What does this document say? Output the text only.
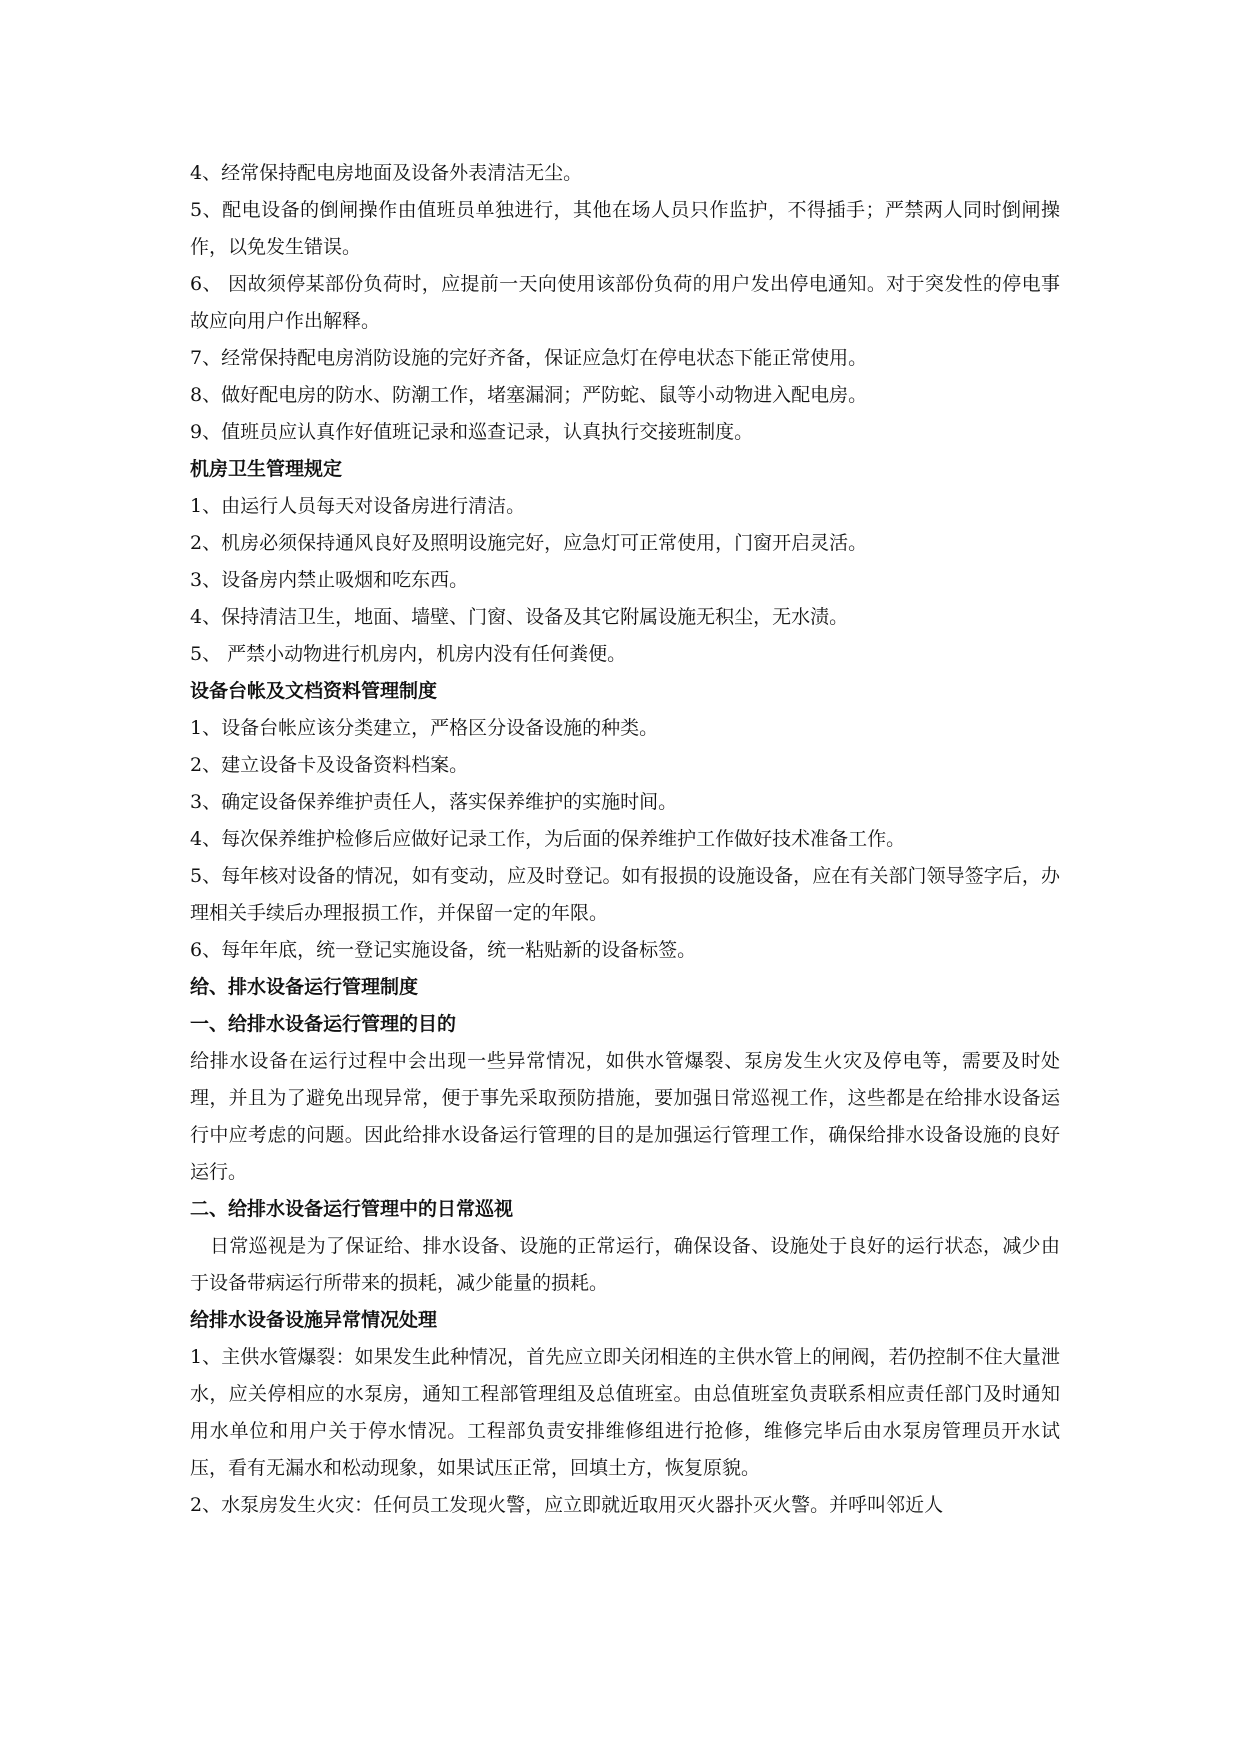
4、经常保持配电房地面及设备外表清洁无尘。

5、配电设备的倒闸操作由值班员单独进行，其他在场人员只作监护，不得插手；严禁两人同时倒闸操作，以免发生错误。

6、 因故须停某部份负荷时，应提前一天向使用该部份负荷的用户发出停电通知。对于突发性的停电事故应向用户作出解释。

7、经常保持配电房消防设施的完好齐备，保证应急灯在停电状态下能正常使用。

8、做好配电房的防水、防潮工作，堵塞漏洞；严防蛇、鼠等小动物进入配电房。

9、值班员应认真作好值班记录和巡查记录，认真执行交接班制度。

机房卫生管理规定

1、由运行人员每天对设备房进行清洁。

2、机房必须保持通风良好及照明设施完好，应急灯可正常使用，门窗开启灵活。

3、设备房内禁止吸烟和吃东西。

4、保持清洁卫生，地面、墙壁、门窗、设备及其它附属设施无积尘，无水渍。

5、 严禁小动物进行机房内，机房内没有任何粪便。

设备台帐及文档资料管理制度

1、设备台帐应该分类建立，严格区分设备设施的种类。

2、建立设备卡及设备资料档案。

3、确定设备保养维护责任人，落实保养维护的实施时间。

4、每次保养维护检修后应做好记录工作，为后面的保养维护工作做好技术准备工作。

5、每年核对设备的情况，如有变动，应及时登记。如有报损的设施设备，应在有关部门领导签字后，办理相关手续后办理报损工作，并保留一定的年限。

6、每年年底，统一登记实施设备，统一粘贴新的设备标签。

给、排水设备运行管理制度

一、给排水设备运行管理的目的

给排水设备在运行过程中会出现一些异常情况，如供水管爆裂、泵房发生火灾及停电等，需要及时处理，并且为了避免出现异常，便于事先采取预防措施，要加强日常巡视工作，这些都是在给排水设备运行中应考虑的问题。因此给排水设备运行管理的目的是加强运行管理工作，确保给排水设备设施的良好运行。

二、给排水设备运行管理中的日常巡视

日常巡视是为了保证给、排水设备、设施的正常运行，确保设备、设施处于良好的运行状态，减少由于设备带病运行所带来的损耗，减少能量的损耗。

给排水设备设施异常情况处理

1、主供水管爆裂：如果发生此种情况，首先应立即关闭相连的主供水管上的闸阀，若仍控制不住大量泄水，应关停相应的水泵房，通知工程部管理组及总值班室。由总值班室负责联系相应责任部门及时通知用水单位和用户关于停水情况。工程部负责安排维修组进行抢修，维修完毕后由水泵房管理员开水试压，看有无漏水和松动现象，如果试压正常，回填土方，恢复原貌。

2、水泵房发生火灾：任何员工发现火警，应立即就近取用灭火器扑灭火警。并呼叫邻近人
